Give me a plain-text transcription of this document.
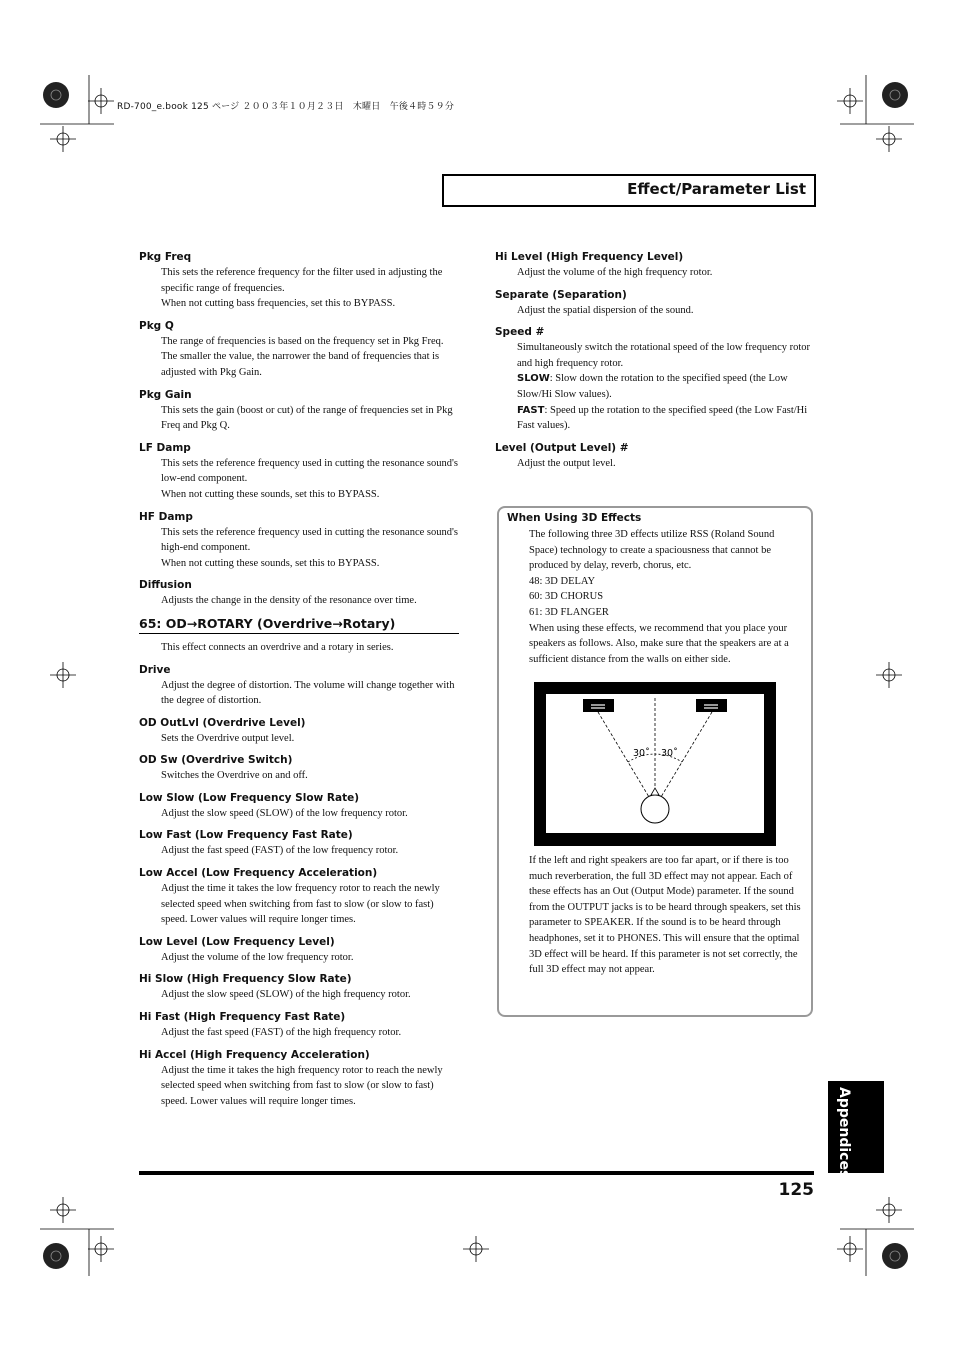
RD-700_e.book 125 ページ ２００３年１０月２３日　木曜日　午後４時５９分
Effect/Parameter List
Pkg Freq

This sets the reference frequency for the filter used in adjusting the specific range of frequencies.

When not cutting bass frequencies, set this to BYPASS.

Pkg Q

The range of frequencies is based on the frequency set in Pkg Freq.

The smaller the value, the narrower the band of frequencies that is adjusted with Pkg Gain.

Pkg Gain

This sets the gain (boost or cut) of the range of frequencies set in Pkg Freq and Pkg Q.

LF Damp

This sets the reference frequency used in cutting the resonance sound's low-end component.

When not cutting these sounds, set this to BYPASS.

HF Damp

This sets the reference frequency used in cutting the resonance sound's high-end component.

When not cutting these sounds, set this to BYPASS.

Diffusion

Adjusts the change in the density of the resonance over time.

65: OD→ROTARY (Overdrive→Rotary)
This effect connects an overdrive and a rotary in series.
Drive

Adjust the degree of distortion. The volume will change together with the degree of distortion.

OD OutLvl (Overdrive Level)

Sets the Overdrive output level.

OD Sw (Overdrive Switch)

Switches the Overdrive on and off.

Low Slow (Low Frequency Slow Rate)

Adjust the slow speed (SLOW) of the low frequency rotor.

Low Fast (Low Frequency Fast Rate)

Adjust the fast speed (FAST) of the low frequency rotor.

Low Accel (Low Frequency Acceleration)

Adjust the time it takes the low frequency rotor to reach the newly selected speed when switching from fast to slow (or slow to fast) speed. Lower values will require longer times.

Low Level (Low Frequency Level)

Adjust the volume of the low frequency rotor.

Hi Slow (High Frequency Slow Rate)

Adjust the slow speed (SLOW) of the high frequency rotor.

Hi Fast (High Frequency Fast Rate)

Adjust the fast speed (FAST) of the high frequency rotor.

Hi Accel (High Frequency Acceleration)

Adjust the time it takes the high frequency rotor to reach the newly selected speed when switching from fast to slow (or slow to fast) speed. Lower values will require longer times.

Hi Level (High Frequency Level)

Adjust the volume of the high frequency rotor.

Separate (Separation)

Adjust the spatial dispersion of the sound.

Speed #

Simultaneously switch the rotational speed of the low frequency rotor and high frequency rotor.

SLOW: Slow down the rotation to the specified speed (the Low Slow/Hi Slow values).

FAST: Speed up the rotation to the specified speed (the Low Fast/Hi Fast values).

Level (Output Level) #
Adjust the output level.
When Using 3D Effects

The following three 3D effects utilize RSS (Roland Sound Space) technology to create a spaciousness that cannot be produced by delay, reverb, chorus, etc.

48: 3D DELAY

60: 3D CHORUS

61: 3D FLANGER

When using these effects, we recommend that you place your speakers as follows. Also, make sure that the speakers are at a sufficient distance from the walls on either side.

30˚ 30˚
If the left and right speakers are too far apart, or if there is too much reverberation, the full 3D effect may not appear. Each of these effects has an Out (Output Mode) parameter. If the sound from the OUTPUT jacks is to be heard through speakers, set this parameter to SPEAKER. If the sound is to be heard through headphones, set it to PHONES. This will ensure that the optimal 3D effect will be heard. If this parameter is not set correctly, the full 3D effect may not appear.
Appendices
125
